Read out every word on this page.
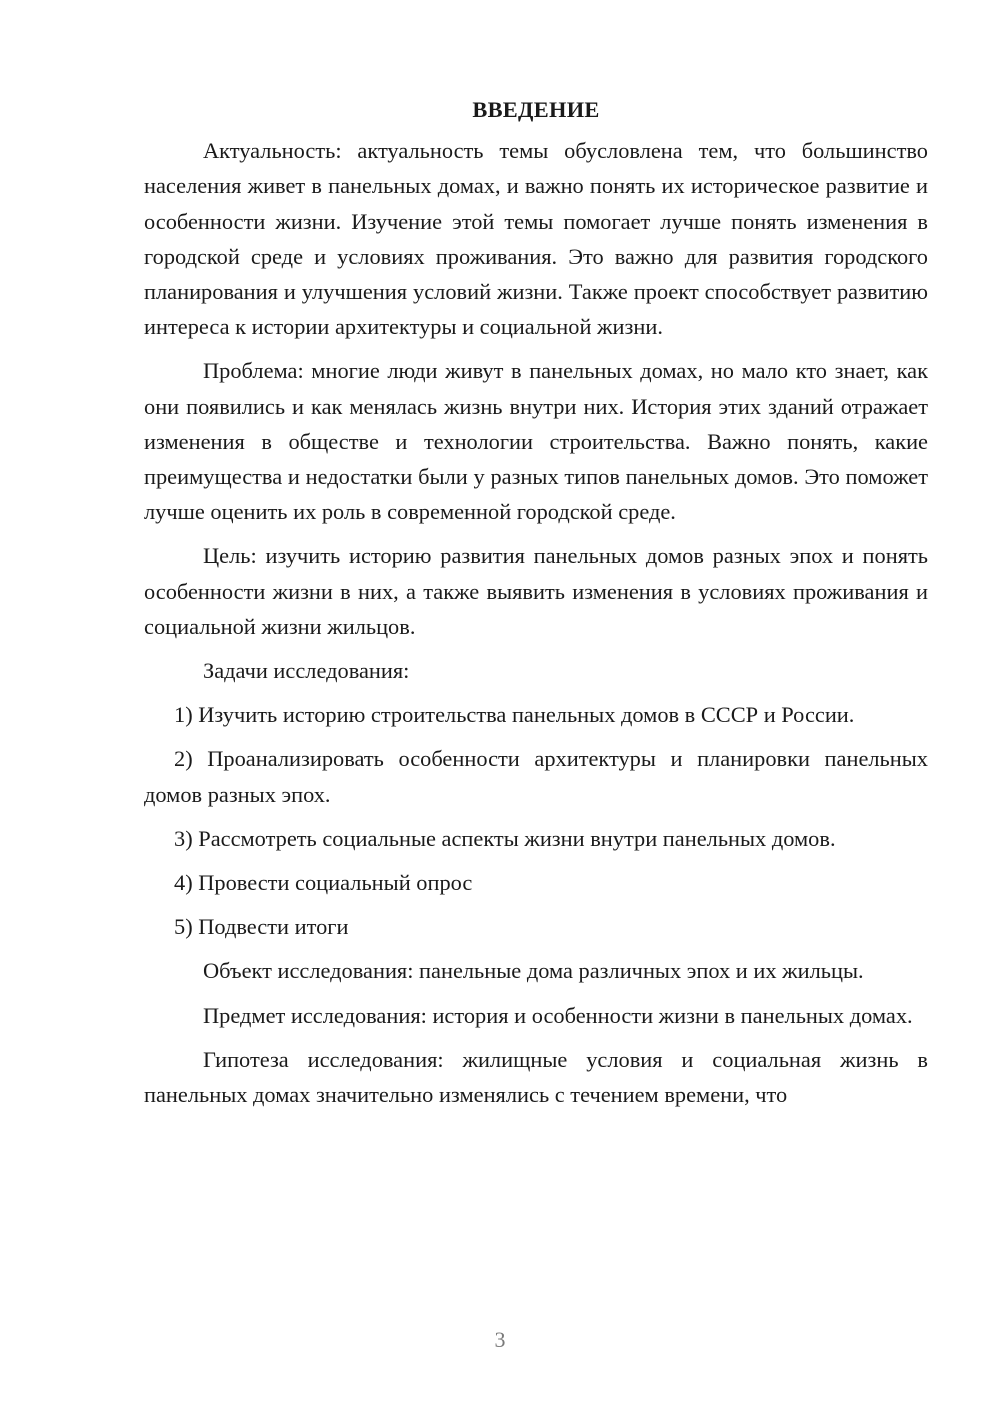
ВВЕДЕНИЕ

Актуальность: актуальность темы обусловлена тем, что большинство населения живет в панельных домах, и важно понять их историческое развитие и особенности жизни. Изучение этой темы помогает лучше понять изменения в городской среде и условиях проживания. Это важно для развития городского планирования и улучшения условий жизни. Также проект способствует развитию интереса к истории архитектуры и социальной жизни.

Проблема: многие люди живут в панельных домах, но мало кто знает, как они появились и как менялась жизнь внутри них. История этих зданий отражает изменения в обществе и технологии строительства. Важно понять, какие преимущества и недостатки были у разных типов панельных домов. Это поможет лучше оценить их роль в современной городской среде.

Цель: изучить историю развития панельных домов разных эпох и понять особенности жизни в них, а также выявить изменения в условиях проживания и социальной жизни жильцов.

Задачи исследования:

1) Изучить историю строительства панельных домов в СССР и России.

2) Проанализировать особенности архитектуры и планировки панельных домов разных эпох.

3) Рассмотреть социальные аспекты жизни внутри панельных домов.

4) Провести социальный опрос

5) Подвести итоги

Объект исследования: панельные дома различных эпох и их жильцы.

Предмет исследования: история и особенности жизни в панельных домах.

Гипотеза исследования: жилищные условия и социальная жизнь в панельных домах значительно изменялись с течением времени, что

3
